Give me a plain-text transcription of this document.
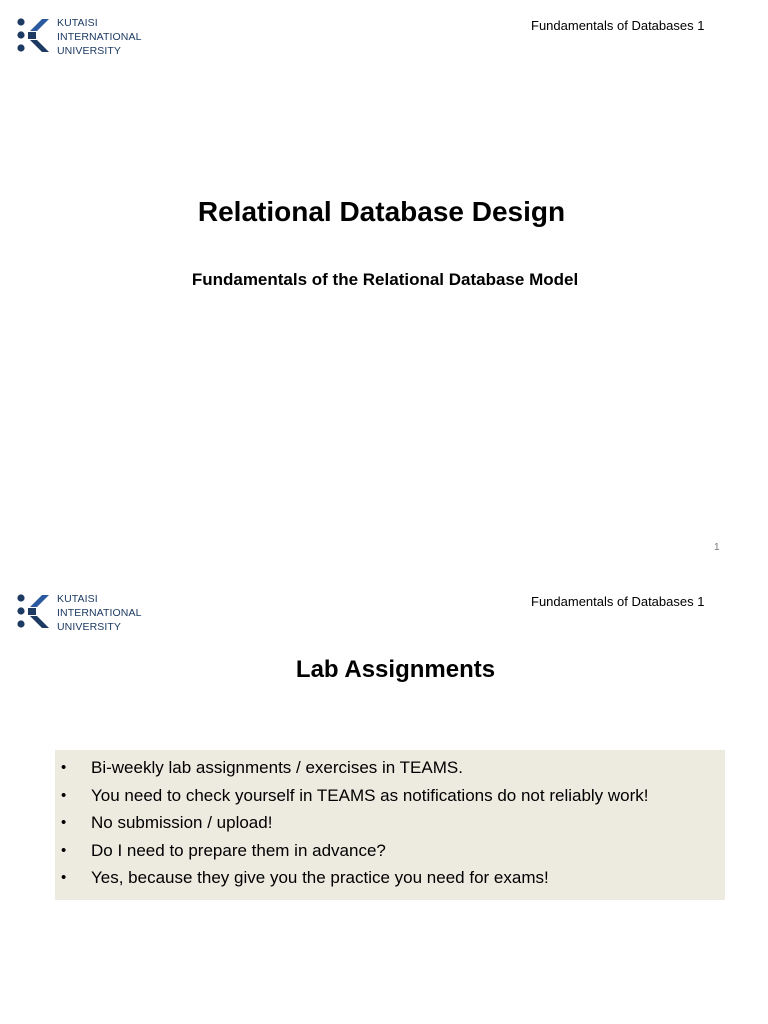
KUTAISI
INTERNATIONAL
UNIVERSITY
Fundamentals of Databases 1
Relational Database Design
Fundamentals of the Relational Database Model
1
KUTAISI
INTERNATIONAL
UNIVERSITY
Fundamentals of Databases 1
Lab Assignments
• Bi-weekly lab assignments / exercises in TEAMS.
• You need to check yourself in TEAMS as notifications do not reliably work!
• No submission / upload!
• Do I need to prepare them in advance?
• Yes, because they give you the practice you need for exams!
